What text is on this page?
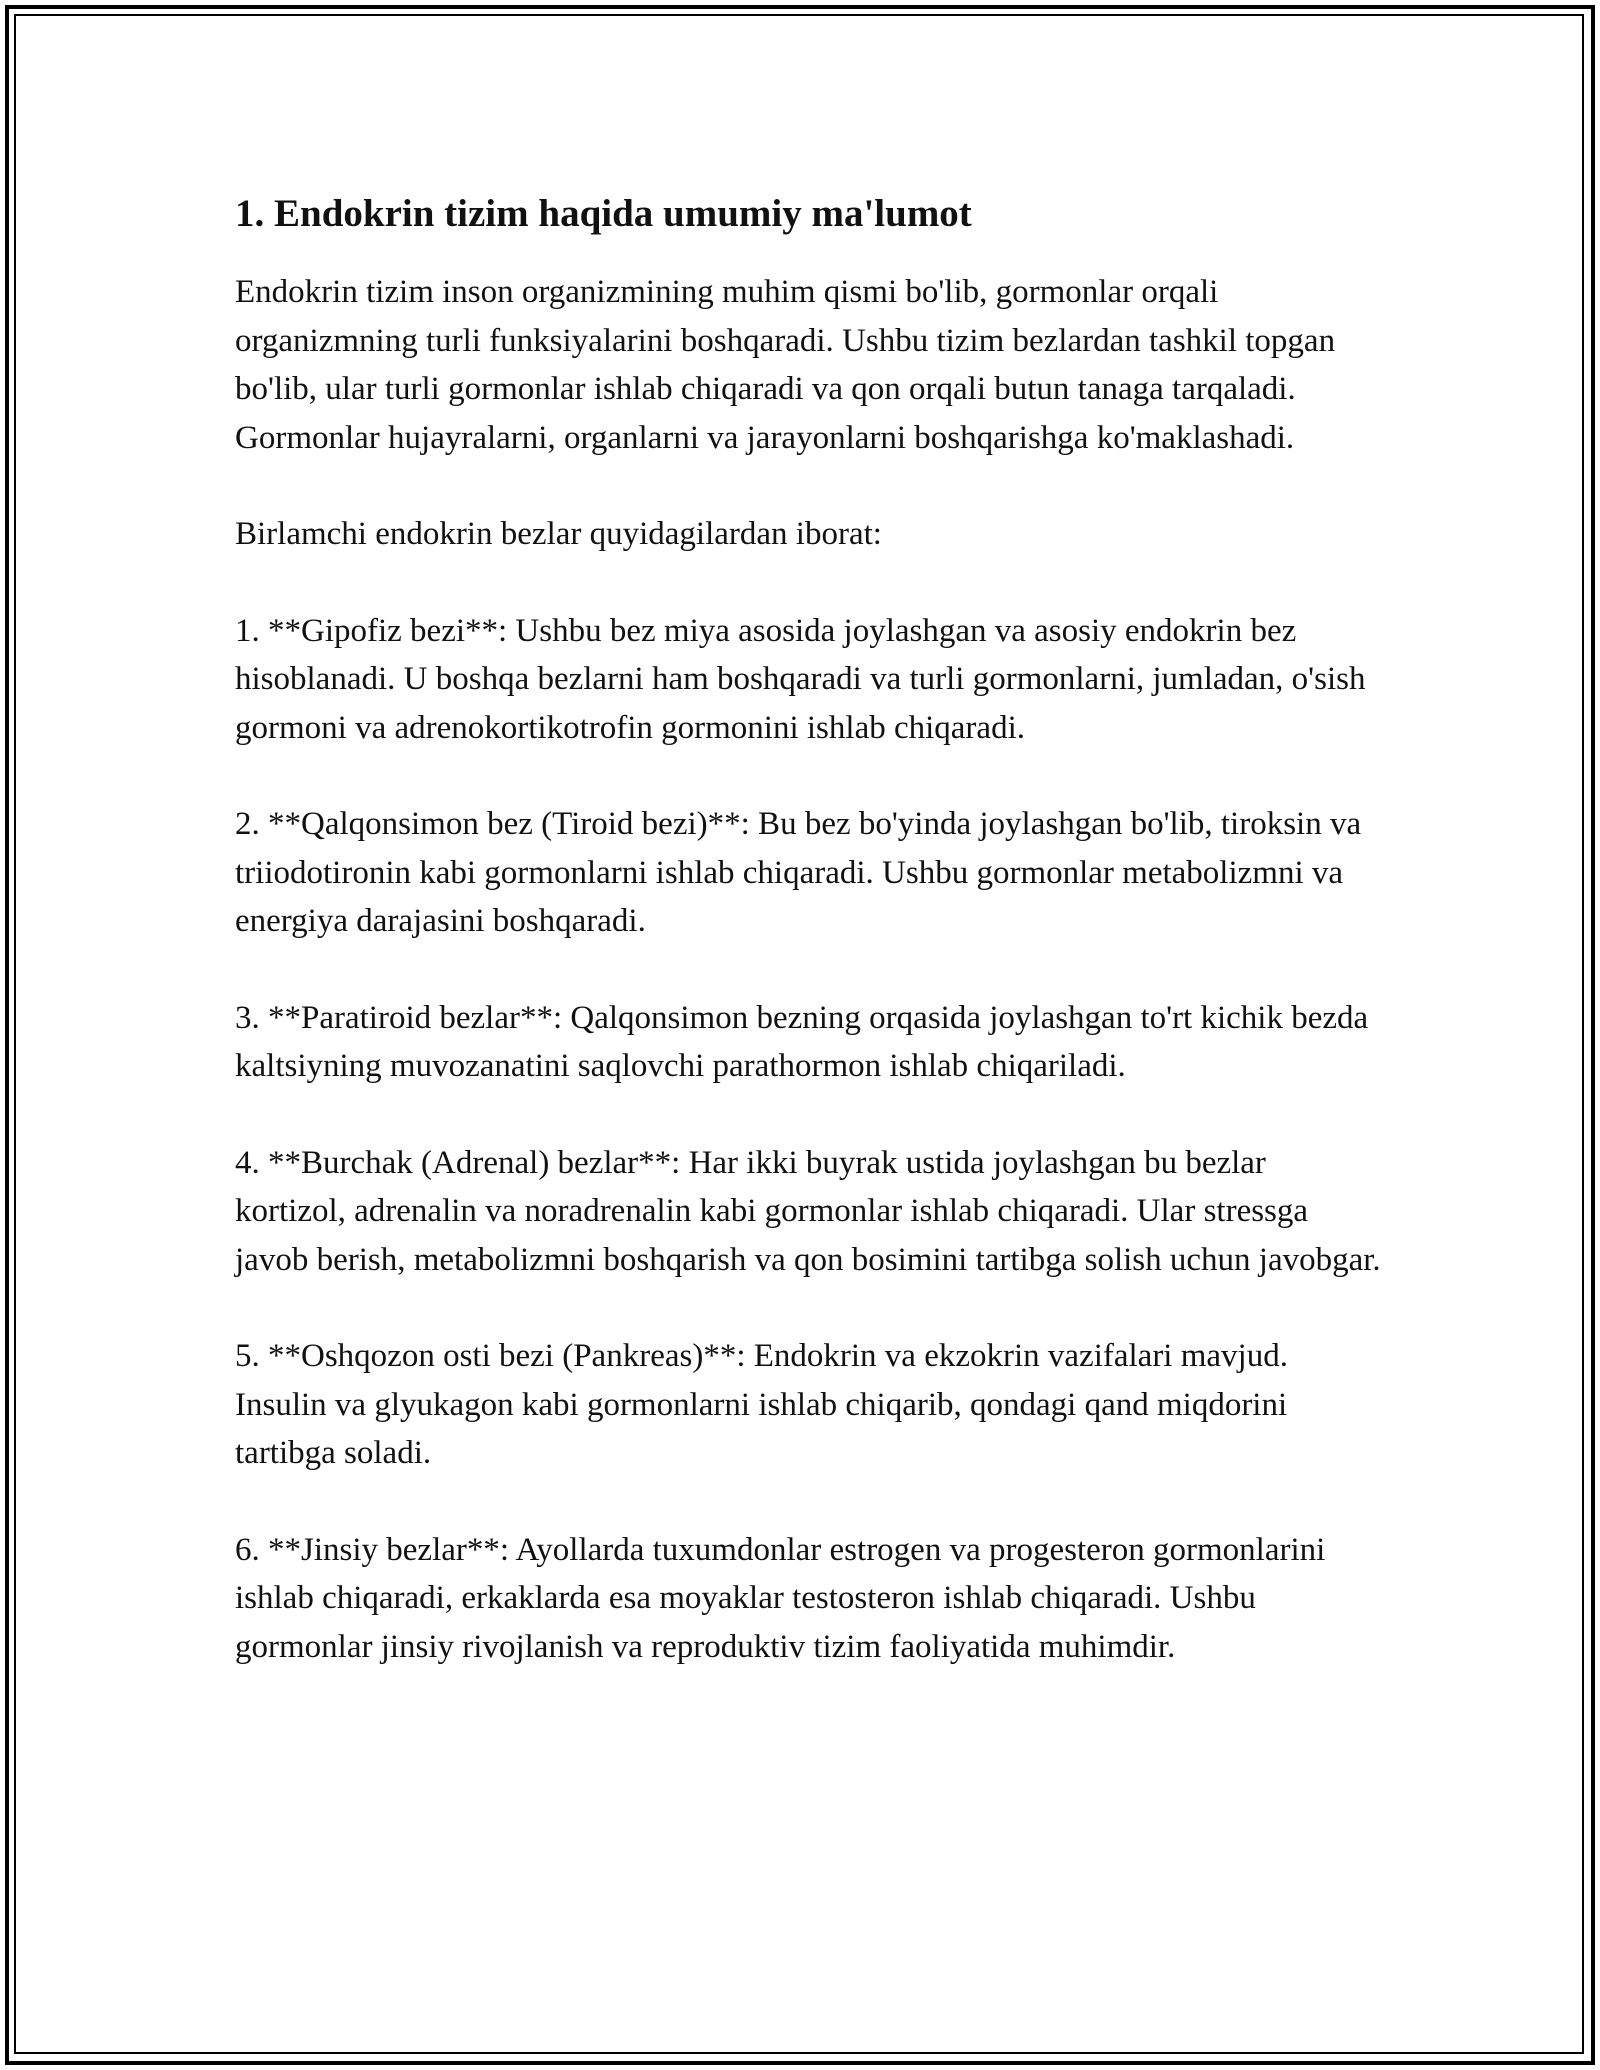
1. Endokrin tizim haqida umumiy ma'lumot

Endokrin tizim inson organizmining muhim qismi bo'lib, gormonlar orqali organizmning turli funksiyalarini boshqaradi. Ushbu tizim bezlardan tashkil topgan bo'lib, ular turli gormonlar ishlab chiqaradi va qon orqali butun tanaga tarqaladi. Gormonlar hujayralarni, organlarni va jarayonlarni boshqarishga ko'maklashadi.

Birlamchi endokrin bezlar quyidagilardan iborat:

1. **Gipofiz bezi**: Ushbu bez miya asosida joylashgan va asosiy endokrin bez hisoblanadi. U boshqa bezlarni ham boshqaradi va turli gormonlarni, jumladan, o'sish gormoni va adrenokortikotrofin gormonini ishlab chiqaradi.

2. **Qalqonsimon bez (Tiroid bezi)**: Bu bez bo'yinda joylashgan bo'lib, tiroksin va triiodotironin kabi gormonlarni ishlab chiqaradi. Ushbu gormonlar metabolizmni va energiya darajasini boshqaradi.

3. **Paratiroid bezlar**: Qalqonsimon bezning orqasida joylashgan to'rt kichik bezda kaltsiyning muvozanatini saqlovchi parathormon ishlab chiqariladi.

4. **Burchak (Adrenal) bezlar**: Har ikki buyrak ustida joylashgan bu bezlar kortizol, adrenalin va noradrenalin kabi gormonlar ishlab chiqaradi. Ular stressga javob berish, metabolizmni boshqarish va qon bosimini tartibga solish uchun javobgar.

5. **Oshqozon osti bezi (Pankreas)**: Endokrin va ekzokrin vazifalari mavjud. Insulin va glyukagon kabi gormonlarni ishlab chiqarib, qondagi qand miqdorini tartibga soladi.

6. **Jinsiy bezlar**: Ayollarda tuxumdonlar estrogen va progesteron gormonlarini ishlab chiqaradi, erkaklarda esa moyaklar testosteron ishlab chiqaradi. Ushbu gormonlar jinsiy rivojlanish va reproduktiv tizim faoliyatida muhimdir.
